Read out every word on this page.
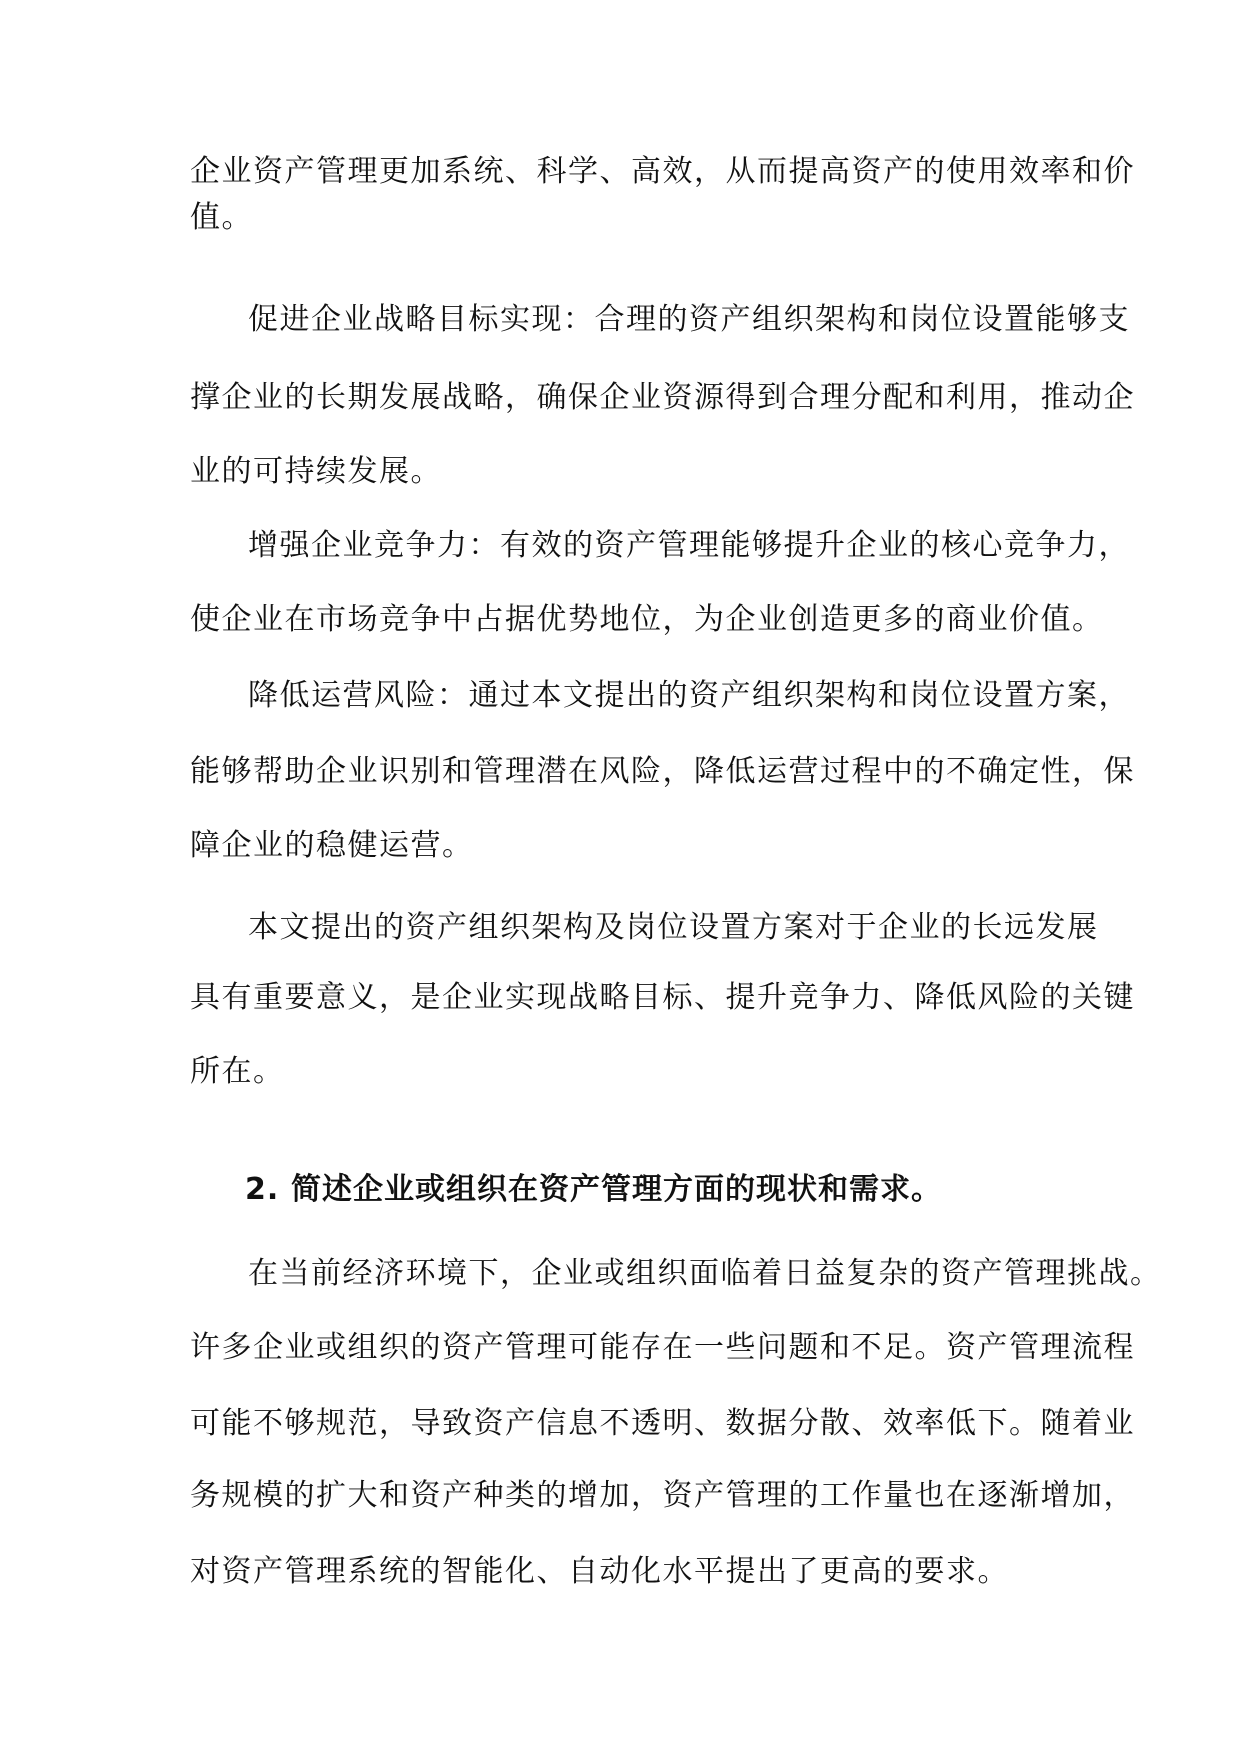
企业资产管理更加系统、科学、高效，从而提高资产的使用效率和价
值。
促进企业战略目标实现：合理的资产组织架构和岗位设置能够支
撑企业的长期发展战略，确保企业资源得到合理分配和利用，推动企
业的可持续发展。
增强企业竞争力：有效的资产管理能够提升企业的核心竞争力，
使企业在市场竞争中占据优势地位，为企业创造更多的商业价值。
降低运营风险：通过本文提出的资产组织架构和岗位设置方案，
能够帮助企业识别和管理潜在风险，降低运营过程中的不确定性，保
障企业的稳健运营。
本文提出的资产组织架构及岗位设置方案对于企业的长远发展
具有重要意义，是企业实现战略目标、提升竞争力、降低风险的关键
所在。
2. 简述企业或组织在资产管理方面的现状和需求。
在当前经济环境下，企业或组织面临着日益复杂的资产管理挑战。
许多企业或组织的资产管理可能存在一些问题和不足。资产管理流程
可能不够规范，导致资产信息不透明、数据分散、效率低下。随着业
务规模的扩大和资产种类的增加，资产管理的工作量也在逐渐增加，
对资产管理系统的智能化、自动化水平提出了更高的要求。
